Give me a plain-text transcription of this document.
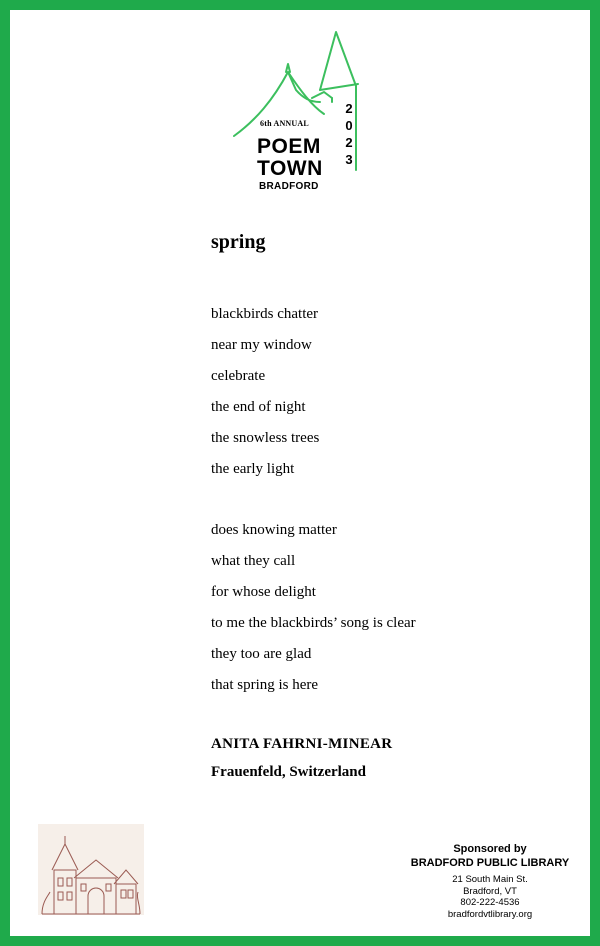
6th ANNUAL
POEM
TOWN
BRADFORD
2
0
2
3
spring
blackbirds chatter
near my window
celebrate
the end of night
the snowless trees
the early light
does knowing matter
what they call
for whose delight
to me the blackbirds’ song is clear
they too are glad
that spring is here
ANITA FAHRNI-MINEAR
Frauenfeld, Switzerland
Sponsored by
BRADFORD PUBLIC LIBRARY
21 South Main St.
Bradford, VT
802-222-4536
bradfordvtlibrary.org
